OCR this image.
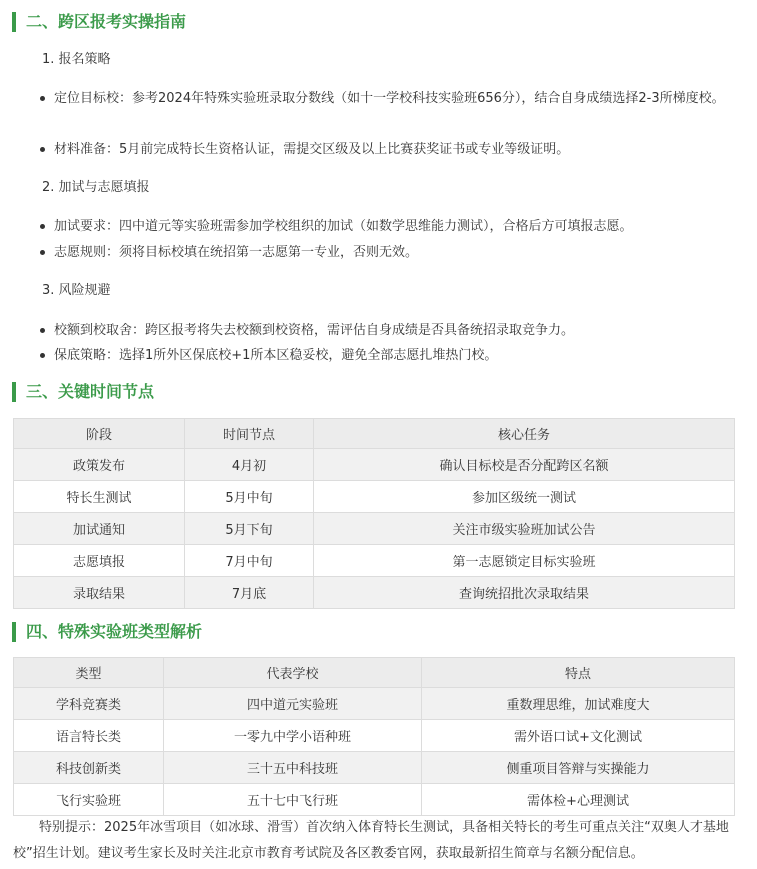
二、跨区报考实操指南
1. 报名策略
定位目标校：参考2024年特殊实验班录取分数线（如十一学校科技实验班656分），结合自身成绩选择2-3所梯度校。
材料准备：5月前完成特长生资格认证，需提交区级及以上比赛获奖证书或专业等级证明。
2. 加试与志愿填报
加试要求：四中道元等实验班需参加学校组织的加试（如数学思维能力测试），合格后方可填报志愿。
志愿规则：须将目标校填在统招第一志愿第一专业，否则无效。
3. 风险规避
校额到校取舍：跨区报考将失去校额到校资格，需评估自身成绩是否具备统招录取竞争力。
保底策略：选择1所外区保底校+1所本区稳妥校，避免全部志愿扎堆热门校。
三、关键时间节点
阶段	时间节点	核心任务
政策发布	4月初	确认目标校是否分配跨区名额
特长生测试	5月中旬	参加区级统一测试
加试通知	5月下旬	关注市级实验班加试公告
志愿填报	7月中旬	第一志愿锁定目标实验班
录取结果	7月底	查询统招批次录取结果
四、特殊实验班类型解析
类型	代表学校	特点
学科竞赛类	四中道元实验班	重数理思维，加试难度大
语言特长类	一零九中学小语种班	需外语口试+文化测试
科技创新类	三十五中科技班	侧重项目答辩与实操能力
飞行实验班	五十七中飞行班	需体检+心理测试
特别提示：2025年冰雪项目（如冰球、滑雪）首次纳入体育特长生测试，具备相关特长的考生可重点关注“双奥人才基地校”招生计划。建议考生家长及时关注北京市教育考试院及各区教委官网，获取最新招生简章与名额分配信息。
